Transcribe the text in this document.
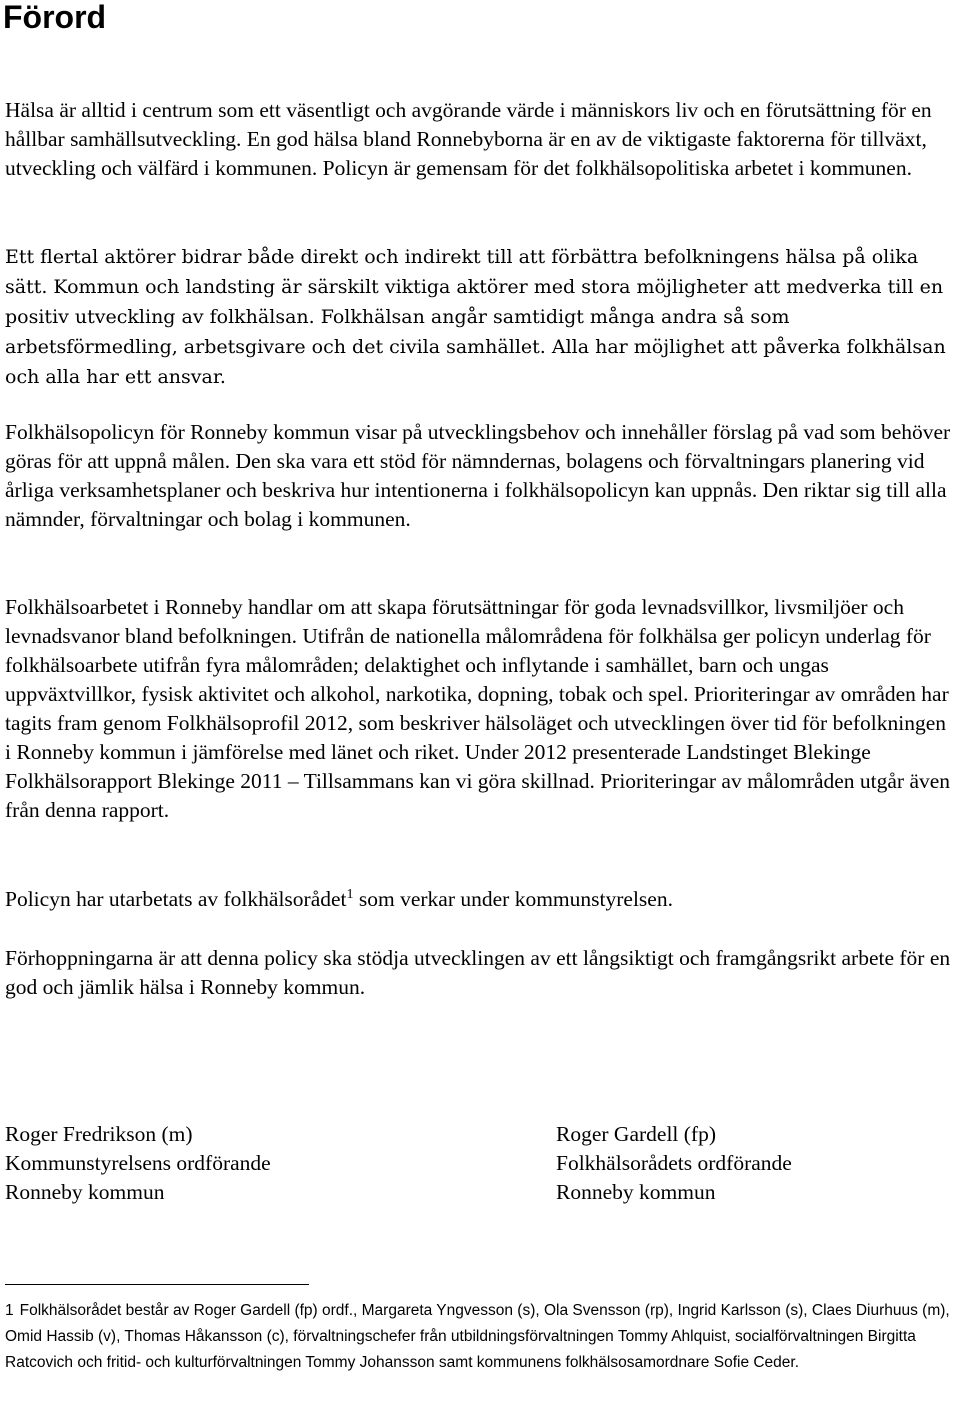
Förord

Hälsa är alltid i centrum som ett väsentligt och avgörande värde i människors liv och en förutsättning för en hållbar samhällsutveckling. En god hälsa bland Ronnebyborna är en av de viktigaste faktorerna för tillväxt, utveckling och välfärd i kommunen. Policyn är gemensam för det folkhälsopolitiska arbetet i kommunen.

Ett flertal aktörer bidrar både direkt och indirekt till att förbättra befolkningens hälsa på olika sätt. Kommun och landsting är särskilt viktiga aktörer med stora möjligheter att medverka till en positiv utveckling av folkhälsan. Folkhälsan angår samtidigt många andra så som arbetsförmedling, arbetsgivare och det civila samhället. Alla har möjlighet att påverka folkhälsan och alla har ett ansvar.

Folkhälsopolicyn för Ronneby kommun visar på utvecklingsbehov och innehåller förslag på vad som behöver göras för att uppnå målen. Den ska vara ett stöd för nämndernas, bolagens och förvaltningars planering vid årliga verksamhetsplaner och beskriva hur intentionerna i folkhälsopolicyn kan uppnås. Den riktar sig till alla nämnder, förvaltningar och bolag i kommunen.

Folkhälsoarbetet i Ronneby handlar om att skapa förutsättningar för goda levnadsvillkor, livsmiljöer och levnadsvanor bland befolkningen. Utifrån de nationella målområdena för folkhälsa ger policyn underlag för folkhälsoarbete utifrån fyra målområden; delaktighet och inflytande i samhället, barn och ungas uppväxtvillkor, fysisk aktivitet och alkohol, narkotika, dopning, tobak och spel. Prioriteringar av områden har tagits fram genom Folkhälsoprofil 2012, som beskriver hälsoläget och utvecklingen över tid för befolkningen i Ronneby kommun i jämförelse med länet och riket. Under 2012 presenterade Landstinget Blekinge Folkhälsorapport Blekinge 2011 – Tillsammans kan vi göra skillnad. Prioriteringar av målområden utgår även från denna rapport.

Policyn har utarbetats av folkhälsorådet$^1$ som verkar under kommunstyrelsen.

Förhoppningarna är att denna policy ska stödja utvecklingen av ett långsiktigt och framgångsrikt arbete för en god och jämlik hälsa i Ronneby kommun.

Roger Fredrikson (m)
Kommunstyrelsens ordförande
Ronneby kommun
Roger Gardell (fp)
Folkhälsorådets ordförande
Ronneby kommun

1 Folkhälsorådet består av Roger Gardell (fp) ordf., Margareta Yngvesson (s), Ola Svensson (rp), Ingrid Karlsson (s), Claes Diurhuus (m), Omid Hassib (v), Thomas Håkansson (c), förvaltningschefer från utbildningsförvaltningen Tommy Ahlquist, socialförvaltningen Birgitta Ratcovich och fritid- och kulturförvaltningen Tommy Johansson samt kommunens folkhälsosamordnare Sofie Ceder.
